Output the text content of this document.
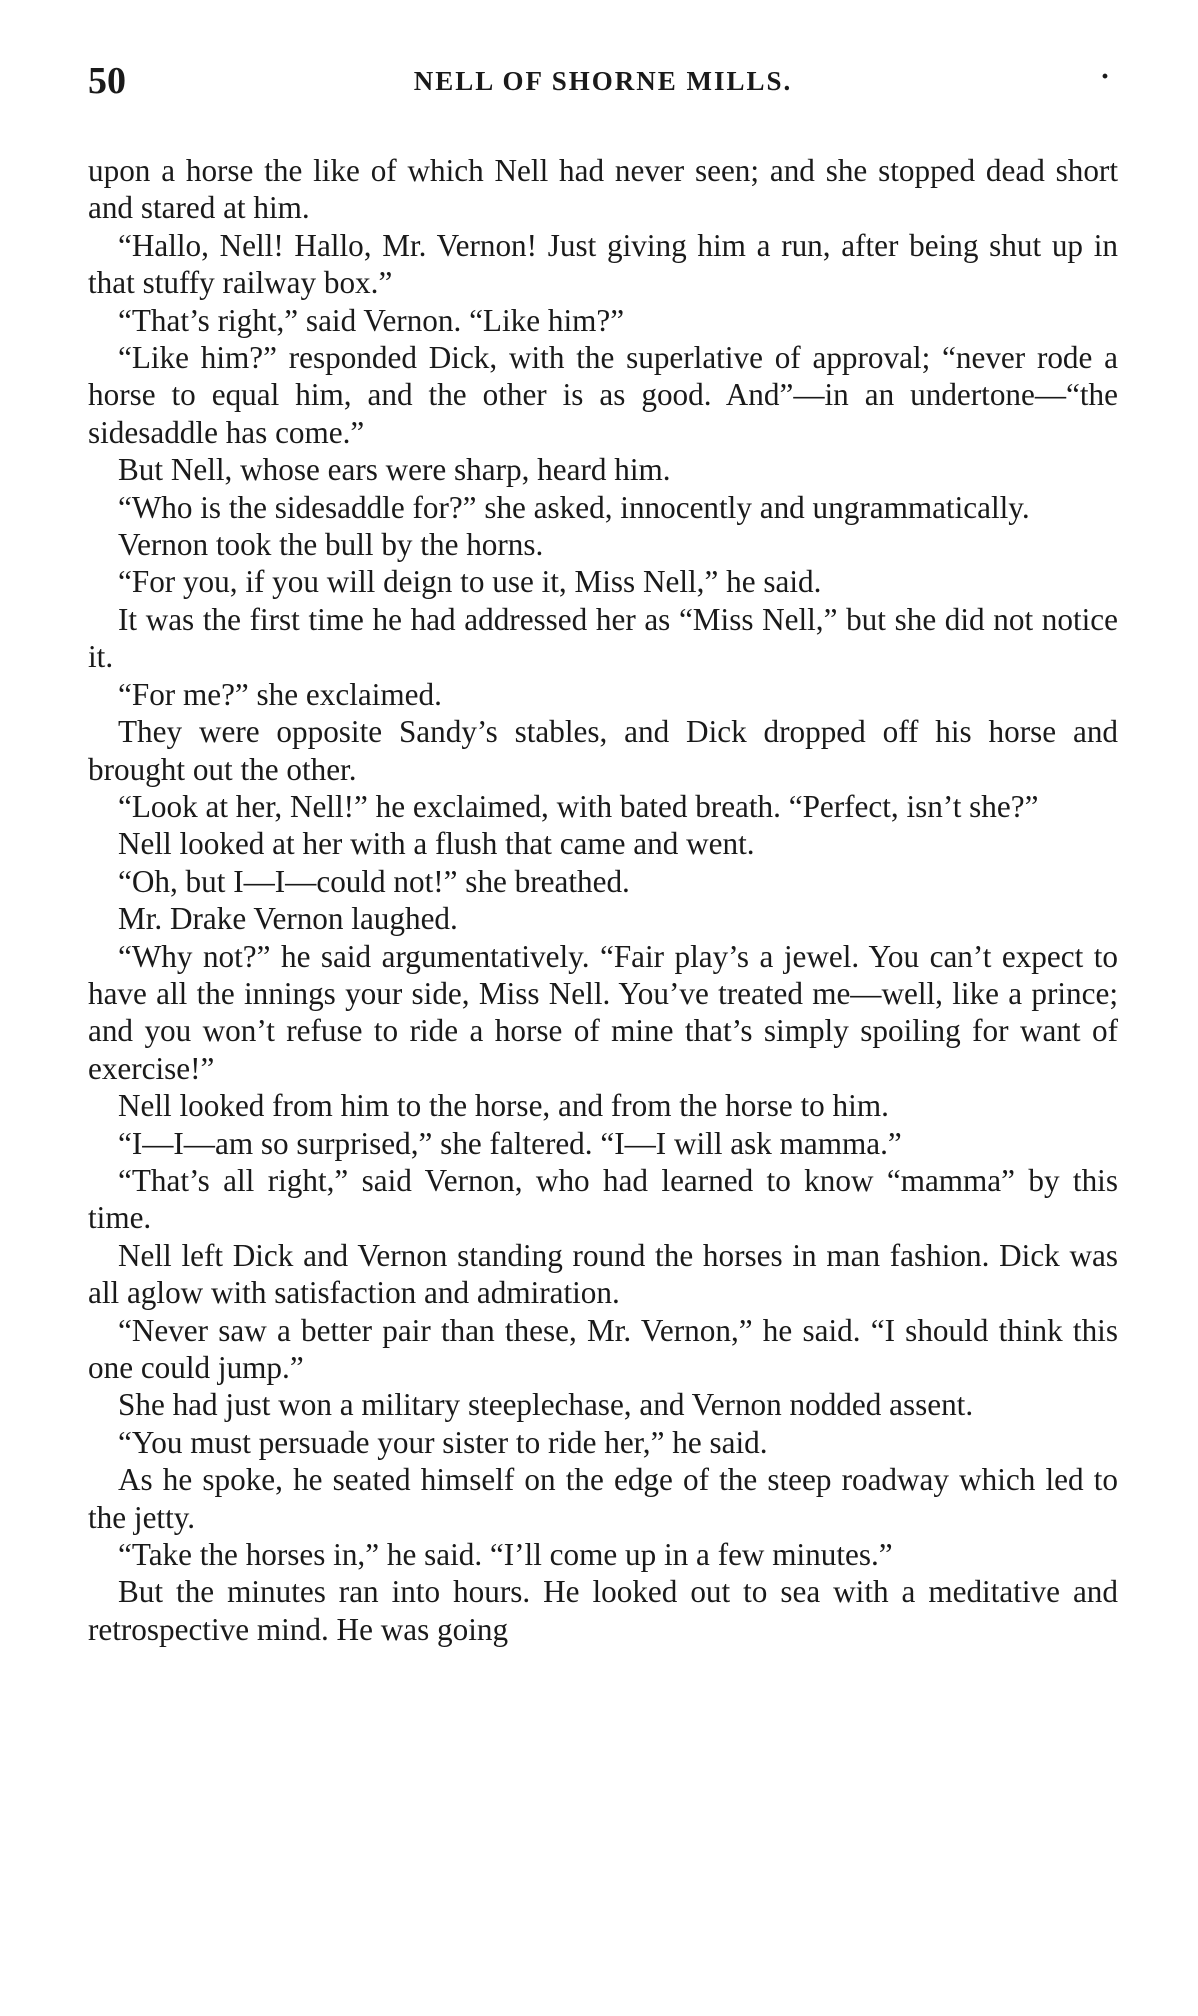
50	NELL OF SHORNE MILLS.	·

upon a horse the like of which Nell had never seen; and she stopped dead short and stared at him.

“Hallo, Nell! Hallo, Mr. Vernon! Just giving him a run, after being shut up in that stuffy railway box.”

“That’s right,” said Vernon. “Like him?”

“Like him?” responded Dick, with the superlative of approval; “never rode a horse to equal him, and the other is as good. And”—in an undertone—“the sidesaddle has come.”

But Nell, whose ears were sharp, heard him.

“Who is the sidesaddle for?” she asked, innocently and ungrammatically.

Vernon took the bull by the horns.

“For you, if you will deign to use it, Miss Nell,” he said.

It was the first time he had addressed her as “Miss Nell,” but she did not notice it.

“For me?” she exclaimed.

They were opposite Sandy’s stables, and Dick dropped off his horse and brought out the other.

“Look at her, Nell!” he exclaimed, with bated breath. “Perfect, isn’t she?”

Nell looked at her with a flush that came and went.

“Oh, but I—I—could not!” she breathed.

Mr. Drake Vernon laughed.

“Why not?” he said argumentatively. “Fair play’s a jewel. You can’t expect to have all the innings your side, Miss Nell. You’ve treated me—well, like a prince; and you won’t refuse to ride a horse of mine that’s simply spoiling for want of exercise!”

Nell looked from him to the horse, and from the horse to him.

“I—I—am so surprised,” she faltered. “I—I will ask mamma.”

“That’s all right,” said Vernon, who had learned to know “mamma” by this time.

Nell left Dick and Vernon standing round the horses in man fashion. Dick was all aglow with satisfaction and admiration.

“Never saw a better pair than these, Mr. Vernon,” he said. “I should think this one could jump.”

She had just won a military steeplechase, and Vernon nodded assent.

“You must persuade your sister to ride her,” he said.

As he spoke, he seated himself on the edge of the steep roadway which led to the jetty.

“Take the horses in,” he said. “I’ll come up in a few minutes.”

But the minutes ran into hours. He looked out to sea with a meditative and retrospective mind. He was going
